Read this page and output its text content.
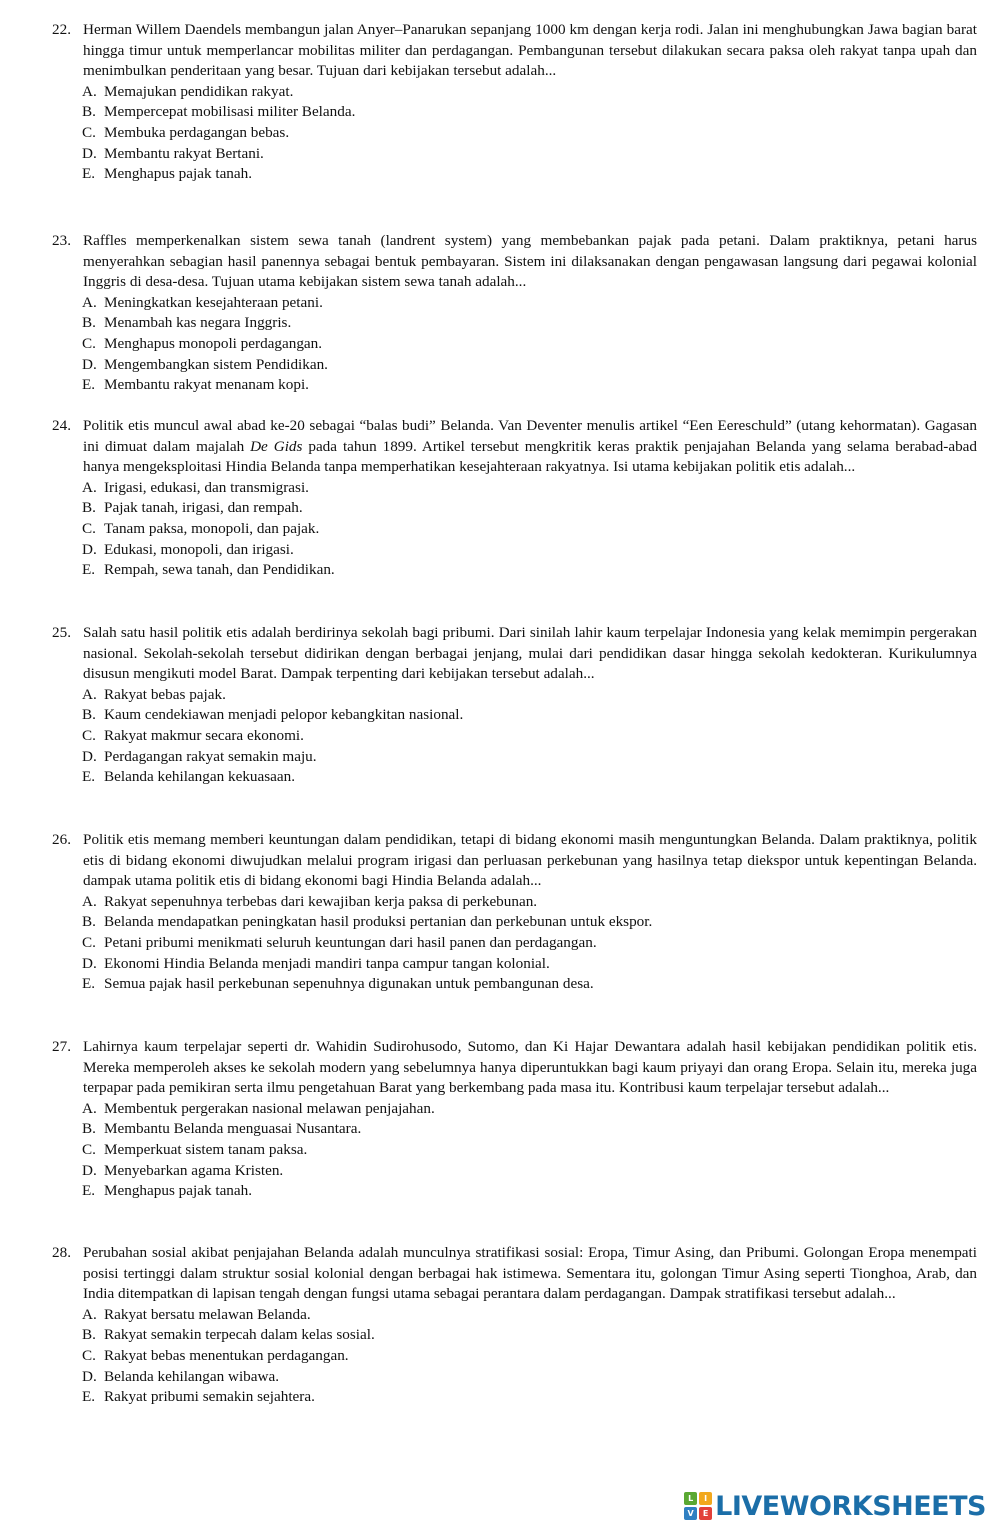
22. Herman Willem Daendels membangun jalan Anyer–Panarukan sepanjang 1000 km dengan kerja rodi. Jalan ini menghubungkan Jawa bagian barat hingga timur untuk memperlancar mobilitas militer dan perdagangan. Pembangunan tersebut dilakukan secara paksa oleh rakyat tanpa upah dan menimbulkan penderitaan yang besar. Tujuan dari kebijakan tersebut adalah...
A. Memajukan pendidikan rakyat.
B. Mempercepat mobilisasi militer Belanda.
C. Membuka perdagangan bebas.
D. Membantu rakyat Bertani.
E. Menghapus pajak tanah.
23. Raffles memperkenalkan sistem sewa tanah (landrent system) yang membebankan pajak pada petani. Dalam praktiknya, petani harus menyerahkan sebagian hasil panennya sebagai bentuk pembayaran. Sistem ini dilaksanakan dengan pengawasan langsung dari pegawai kolonial Inggris di desa-desa. Tujuan utama kebijakan sistem sewa tanah adalah...
A. Meningkatkan kesejahteraan petani.
B. Menambah kas negara Inggris.
C. Menghapus monopoli perdagangan.
D. Mengembangkan sistem Pendidikan.
E. Membantu rakyat menanam kopi.
24. Politik etis muncul awal abad ke-20 sebagai “balas budi” Belanda. Van Deventer menulis artikel “Een Eereschuld” (utang kehormatan). Gagasan ini dimuat dalam majalah De Gids pada tahun 1899. Artikel tersebut mengkritik keras praktik penjajahan Belanda yang selama berabad-abad hanya mengeksploitasi Hindia Belanda tanpa memperhatikan kesejahteraan rakyatnya. Isi utama kebijakan politik etis adalah...
A. Irigasi, edukasi, dan transmigrasi.
B. Pajak tanah, irigasi, dan rempah.
C. Tanam paksa, monopoli, dan pajak.
D. Edukasi, monopoli, dan irigasi.
E. Rempah, sewa tanah, dan Pendidikan.
25. Salah satu hasil politik etis adalah berdirinya sekolah bagi pribumi. Dari sinilah lahir kaum terpelajar Indonesia yang kelak memimpin pergerakan nasional. Sekolah-sekolah tersebut didirikan dengan berbagai jenjang, mulai dari pendidikan dasar hingga sekolah kedokteran. Kurikulumnya disusun mengikuti model Barat. Dampak terpenting dari kebijakan tersebut adalah...
A. Rakyat bebas pajak.
B. Kaum cendekiawan menjadi pelopor kebangkitan nasional.
C. Rakyat makmur secara ekonomi.
D. Perdagangan rakyat semakin maju.
E. Belanda kehilangan kekuasaan.
26. Politik etis memang memberi keuntungan dalam pendidikan, tetapi di bidang ekonomi masih menguntungkan Belanda. Dalam praktiknya, politik etis di bidang ekonomi diwujudkan melalui program irigasi dan perluasan perkebunan yang hasilnya tetap diekspor untuk kepentingan Belanda. dampak utama politik etis di bidang ekonomi bagi Hindia Belanda adalah...
A. Rakyat sepenuhnya terbebas dari kewajiban kerja paksa di perkebunan.
B. Belanda mendapatkan peningkatan hasil produksi pertanian dan perkebunan untuk ekspor.
C. Petani pribumi menikmati seluruh keuntungan dari hasil panen dan perdagangan.
D. Ekonomi Hindia Belanda menjadi mandiri tanpa campur tangan kolonial.
E. Semua pajak hasil perkebunan sepenuhnya digunakan untuk pembangunan desa.
27. Lahirnya kaum terpelajar seperti dr. Wahidin Sudirohusodo, Sutomo, dan Ki Hajar Dewantara adalah hasil kebijakan pendidikan politik etis. Mereka memperoleh akses ke sekolah modern yang sebelumnya hanya diperuntukkan bagi kaum priyayi dan orang Eropa. Selain itu, mereka juga terpapar pada pemikiran serta ilmu pengetahuan Barat yang berkembang pada masa itu. Kontribusi kaum terpelajar tersebut adalah...
A. Membentuk pergerakan nasional melawan penjajahan.
B. Membantu Belanda menguasai Nusantara.
C. Memperkuat sistem tanam paksa.
D. Menyebarkan agama Kristen.
E. Menghapus pajak tanah.
28. Perubahan sosial akibat penjajahan Belanda adalah munculnya stratifikasi sosial: Eropa, Timur Asing, dan Pribumi. Golongan Eropa menempati posisi tertinggi dalam struktur sosial kolonial dengan berbagai hak istimewa. Sementara itu, golongan Timur Asing seperti Tionghoa, Arab, dan India ditempatkan di lapisan tengah dengan fungsi utama sebagai perantara dalam perdagangan. Dampak stratifikasi tersebut adalah...
A. Rakyat bersatu melawan Belanda.
B. Rakyat semakin terpecah dalam kelas sosial.
C. Rakyat bebas menentukan perdagangan.
D. Belanda kehilangan wibawa.
E. Rakyat pribumi semakin sejahtera.
L	I
V	E LIVEWORKSHEETS
